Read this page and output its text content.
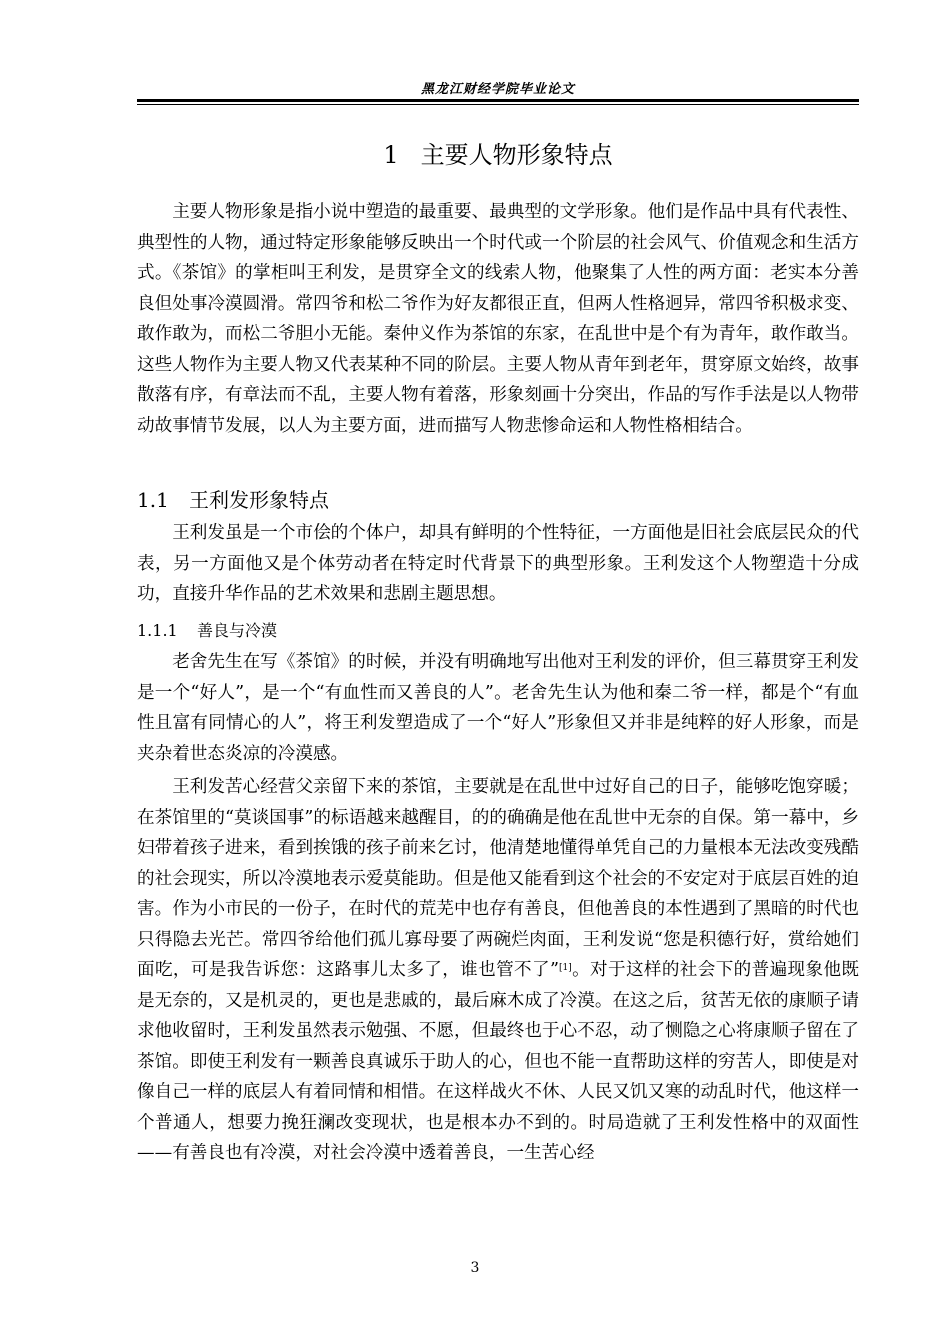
黑龙江财经学院毕业论文
1 主要人物形象特点

主要人物形象是指小说中塑造的最重要、最典型的文学形象。他们是作品中具有代表性、典型性的人物，通过特定形象能够反映出一个时代或一个阶层的社会风气、价值观念和生活方式。《茶馆》的掌柜叫王利发，是贯穿全文的线索人物，他聚集了人性的两方面：老实本分善良但处事冷漠圆滑。常四爷和松二爷作为好友都很正直，但两人性格迥异，常四爷积极求变、敢作敢为，而松二爷胆小无能。秦仲义作为茶馆的东家，在乱世中是个有为青年，敢作敢当。这些人物作为主要人物又代表某种不同的阶层。主要人物从青年到老年，贯穿原文始终，故事散落有序，有章法而不乱，主要人物有着落，形象刻画十分突出，作品的写作手法是以人物带动故事情节发展，以人为主要方面，进而描写人物悲惨命运和人物性格相结合。

1.1 王利发形象特点

王利发虽是一个市侩的个体户，却具有鲜明的个性特征，一方面他是旧社会底层民众的代表，另一方面他又是个体劳动者在特定时代背景下的典型形象。王利发这个人物塑造十分成功，直接升华作品的艺术效果和悲剧主题思想。

1.1.1 善良与冷漠

老舍先生在写《茶馆》的时候，并没有明确地写出他对王利发的评价，但三幕贯穿王利发是一个“好人”，是一个“有血性而又善良的人”。老舍先生认为他和秦二爷一样，都是个“有血性且富有同情心的人”，将王利发塑造成了一个“好人”形象但又并非是纯粹的好人形象，而是夹杂着世态炎凉的冷漠感。

王利发苦心经营父亲留下来的茶馆，主要就是在乱世中过好自己的日子，能够吃饱穿暖；在茶馆里的“莫谈国事”的标语越来越醒目，的的确确是他在乱世中无奈的自保。第一幕中，乡妇带着孩子进来，看到挨饿的孩子前来乞讨，他清楚地懂得单凭自己的力量根本无法改变残酷的社会现实，所以冷漠地表示爱莫能助。但是他又能看到这个社会的不安定对于底层百姓的迫害。作为小市民的一份子，在时代的荒芜中也存有善良，但他善良的本性遇到了黑暗的时代也只得隐去光芒。常四爷给他们孤儿寡母要了两碗烂肉面，王利发说“您是积德行好，赏给她们面吃，可是我告诉您：这路事儿太多了，谁也管不了”[1]。对于这样的社会下的普遍现象他既是无奈的，又是机灵的，更也是悲戚的，最后麻木成了冷漠。在这之后，贫苦无依的康顺子请求他收留时，王利发虽然表示勉强、不愿，但最终也于心不忍，动了恻隐之心将康顺子留在了茶馆。即使王利发有一颗善良真诚乐于助人的心，但也不能一直帮助这样的穷苦人，即使是对像自己一样的底层人有着同情和相惜。在这样战火不休、人民又饥又寒的动乱时代，他这样一个普通人，想要力挽狂澜改变现状，也是根本办不到的。时局造就了王利发性格中的双面性——有善良也有冷漠，对社会冷漠中透着善良，一生苦心经

3
